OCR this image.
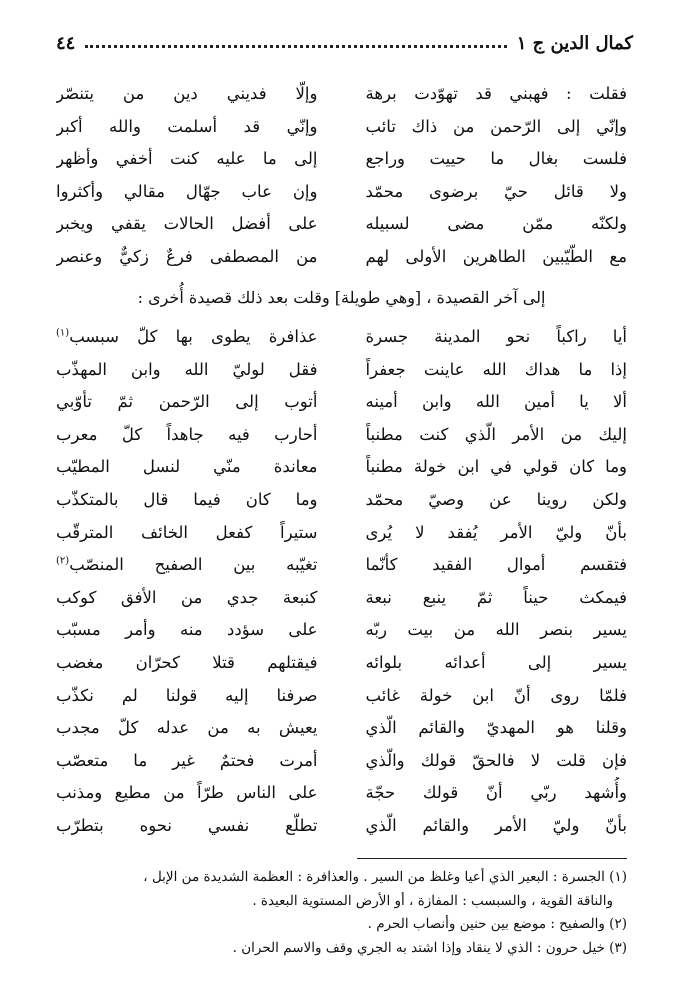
كمال الدين ج ١
٤٤
فقلت : فهبني قد تهوّدت برهة
وإلّا فديني دين من يتنصّر
وإنّي إلى الرّحمن من ذاك تائب
وإنّي قد أسلمت والله أكبر
فلست بغال ما حييت وراجع
إلى ما عليه كنت أخفي وأظهر
ولا قائل حيّ برضوى محمّد
وإن عاب جهّال مقالي وأكثروا
ولكنّه ممّن مضى لسبيله
على أفضل الحالات يقفي ويخبر
مع الطّيّبين الطاهرين الأولى لهم
من المصطفى فرعٌ زكيٌّ وعنصر
إلى آخر القصيدة ، [وهي طويلة] وقلت بعد ذلك قصيدة أُخرى :
أيا راكباً نحو المدينة جسرة
عذافرة يطوى بها كلّ سبسب$^{(١)}$
إذا ما هداك الله عاينت جعفراً
فقل لوليّ الله وابن المهذّب
ألا يا أمين الله وابن أمينه
أتوب إلى الرّحمن ثمّ تأوّبي
إليك من الأمر الّذي كنت مطنباً
أحارب فيه جاهداً كلّ معرب
وما كان قولي في ابن خولة مطنباً
معاندة منّي لنسل المطيّب
ولكن روينا عن وصيّ محمّد
وما كان فيما قال بالمتكذّب
بأنّ وليّ الأمر يُفقد لا يُرى
ستيراً كفعل الخائف المترقّب
فتقسم أموال الفقيد كأنّما
تغيّبه بين الصفيح المنصّب$^{(٢)}$
فيمكث حيناً ثمّ ينبع نبعة
كنبعة جدي من الأفق كوكب
يسير بنصر الله من بيت ربّه
على سؤدد منه وأمر مسبّب
يسير إلى أعدائه بلوائه
فيقتلهم قتلا كحرّان مغضب
فلمّا روى أنّ ابن خولة غائب
صرفنا إليه قولنا لم نكذّب
وقلنا هو المهديّ والقائم الّذي
يعيش به من عدله كلّ مجدب
فإن قلت لا فالحقّ قولك والّذي
أمرت فحتمٌ غير ما متعصّب
وأُشهد ربّي أنّ قولك حجّة
على الناس طرّاً من مطيع ومذنب
بأنّ وليّ الأمر والقائم الّذي
تطلّع نفسي نحوه بتطرّب
(١) الجسرة : البعير الذي أعيا وغلظ من السير . والعذافرة : العظمة الشديدة من الإبل ،
والناقة القوية ، والسبسب : المفازة ، أو الأرض المستوية البعيدة .
(٢) والصفيح : موضع بين حنين وأنصاب الحرم .
(٣) خيل حرون : الذي لا ينقاد وإذا اشتد به الجري وقف والاسم الحران .
